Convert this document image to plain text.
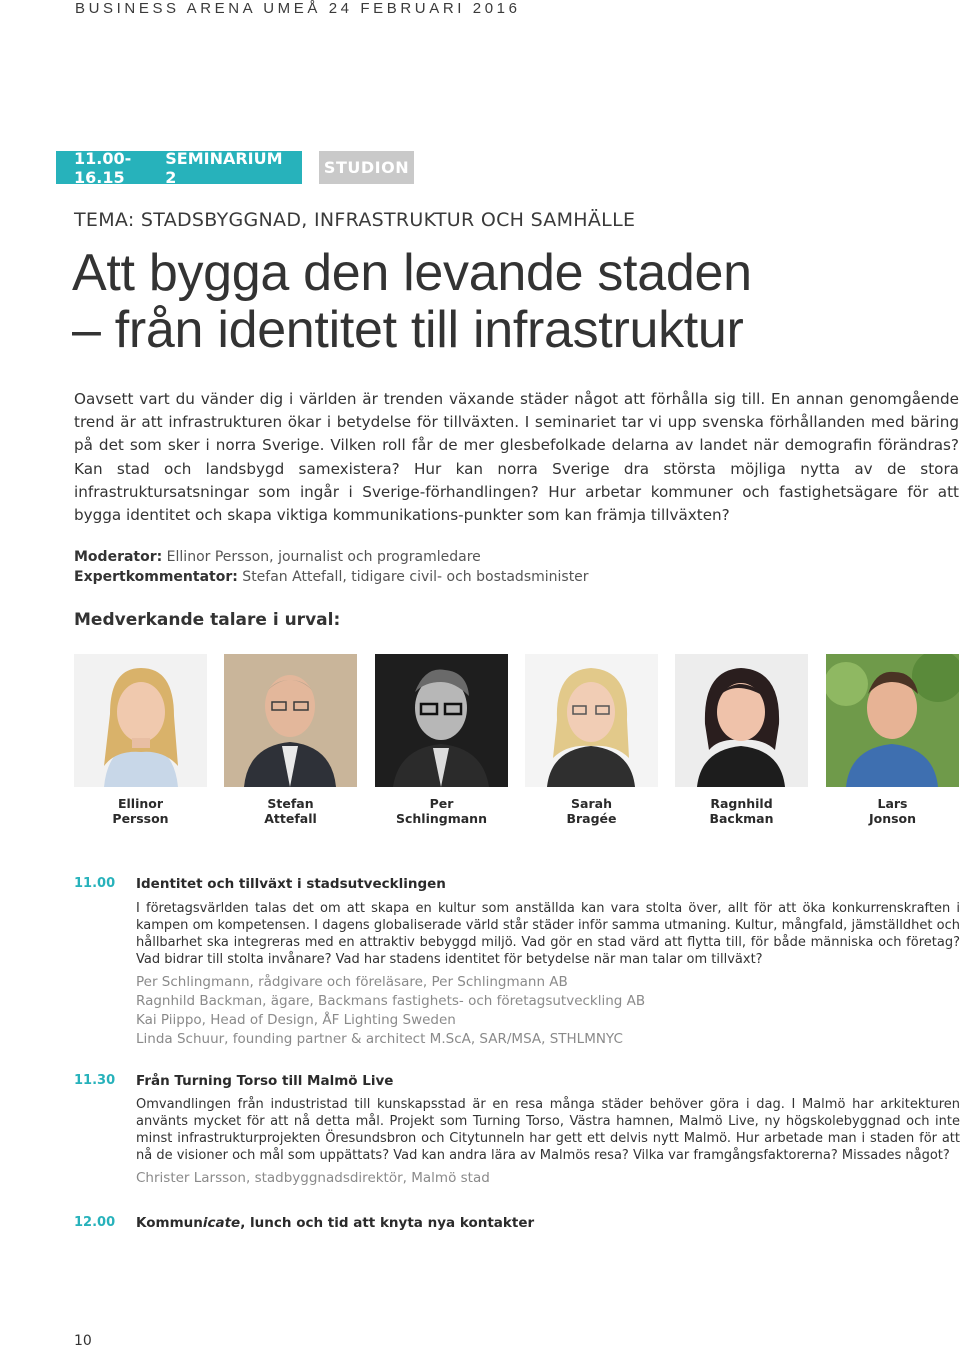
BUSINESS ARENA UMEÅ 24 FEBRUARI 2016
11.00-16.15
SEMINARIUM 2	STUDION
TEMA: STADSBYGGNAD, INFRASTRUKTUR OCH SAMHÄLLE
Att bygga den levande staden
– från identitet till infrastruktur

Oavsett vart du vänder dig i världen är trenden växande städer något att förhålla sig till. En annan genomgående trend är att infrastrukturen ökar i betydelse för tillväxten. I seminariet tar vi upp svenska förhållanden med bäring på det som sker i norra Sverige. Vilken roll får de mer glesbefolkade delarna av landet när demografin förändras? Kan stad och landsbygd samexistera? Hur kan norra Sverige dra största möjliga nytta av de stora infrastruktursatsningar som ingår i Sverige-förhandlingen? Hur arbetar kommuner och fastighetsägare för att bygga identitet och skapa viktiga kommunikations-punkter som kan främja tillväxten?

Moderator: Ellinor Persson, journalist och programledare
Expertkommentator: Stefan Attefall, tidigare civil- och bostadsminister
Medverkande talare i urval:
Ellinor
Persson
Stefan
Attefall
Per
Schlingmann
Sarah
Bragée
Ragnhild
Backman
Lars
Jonson
11.00 Identitet och tillväxt i stadsutvecklingen

I företagsvärlden talas det om att skapa en kultur som anställda kan vara stolta över, allt för att öka konkurrenskraften i kampen om kompetensen. I dagens globaliserade värld står städer inför samma utmaning. Kultur, mångfald, jämställdhet och hållbarhet ska integreras med en attraktiv bebyggd miljö. Vad gör en stad värd att flytta till, för både människa och företag? Vad bidrar till stolta invånare? Vad har stadens identitet för betydelse när man talar om tillväxt?

Per Schlingmann, rådgivare och föreläsare, Per Schlingmann AB
Ragnhild Backman, ägare, Backmans fastighets- och företagsutveckling AB
Kai Piippo, Head of Design, ÅF Lighting Sweden
Linda Schuur, founding partner & architect M.ScA, SAR/MSA, STHLMNYC
11.30 Från Turning Torso till Malmö Live

Omvandlingen från industristad till kunskapsstad är en resa många städer behöver göra i dag. I Malmö har arkitekturen använts mycket för att nå detta mål. Projekt som Turning Torso, Västra hamnen, Malmö Live, ny högskolebyggnad och inte minst infrastrukturprojekten Öresundsbron och Citytunneln har gett ett delvis nytt Malmö. Hur arbetade man i staden för att nå de visioner och mål som uppättats? Vad kan andra lära av Malmös resa? Vilka var framgångsfaktorerna? Missades något?

Christer Larsson, stadbyggnadsdirektör, Malmö stad
12.00 Kommunicate, lunch och tid att knyta nya kontakter
10
